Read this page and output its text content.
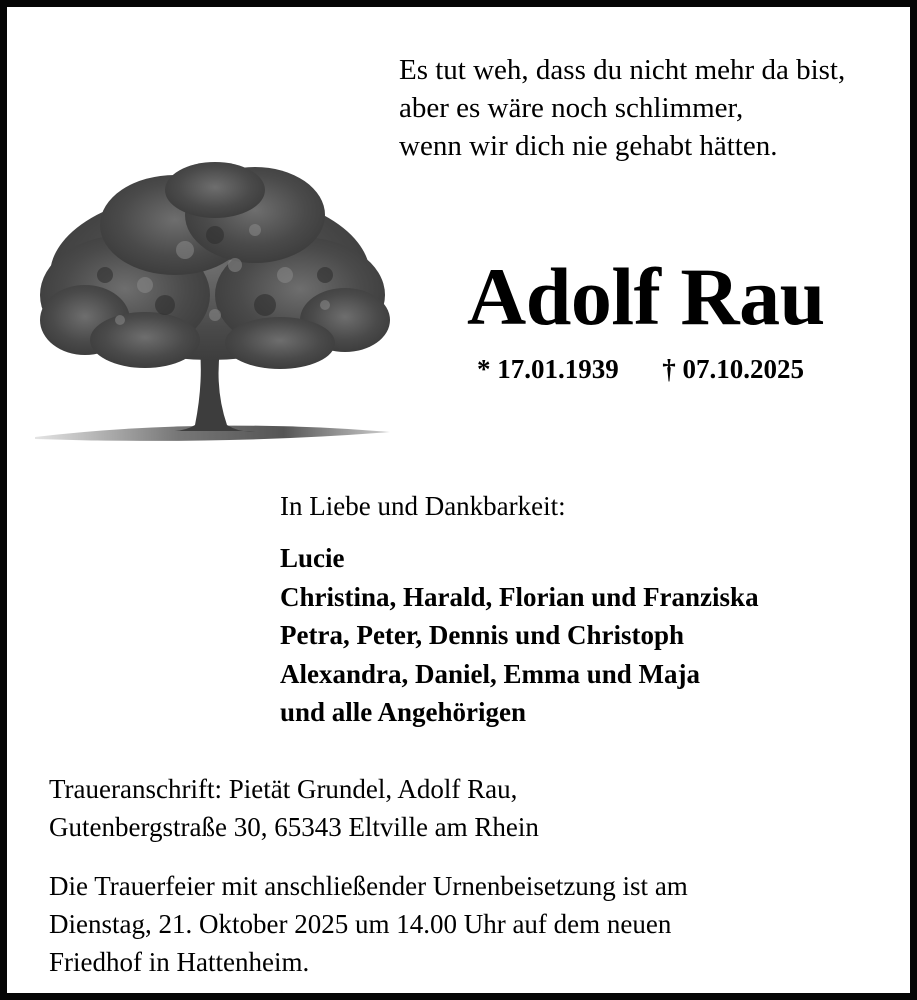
Es tut weh, dass du nicht mehr da bist,
aber es wäre noch schlimmer,
wenn wir dich nie gehabt hätten.
Adolf Rau
* 17.01.1939 † 07.10.2025
In Liebe und Dankbarkeit:
Lucie
Christina, Harald, Florian und Franziska
Petra, Peter, Dennis und Christoph
Alexandra, Daniel, Emma und Maja
und alle Angehörigen
Traueranschrift: Pietät Grundel, Adolf Rau,
Gutenbergstraße 30, 65343 Eltville am Rhein
Die Trauerfeier mit anschließender Urnenbeisetzung ist am
Dienstag, 21. Oktober 2025 um 14.00 Uhr auf dem neuen
Friedhof in Hattenheim.
